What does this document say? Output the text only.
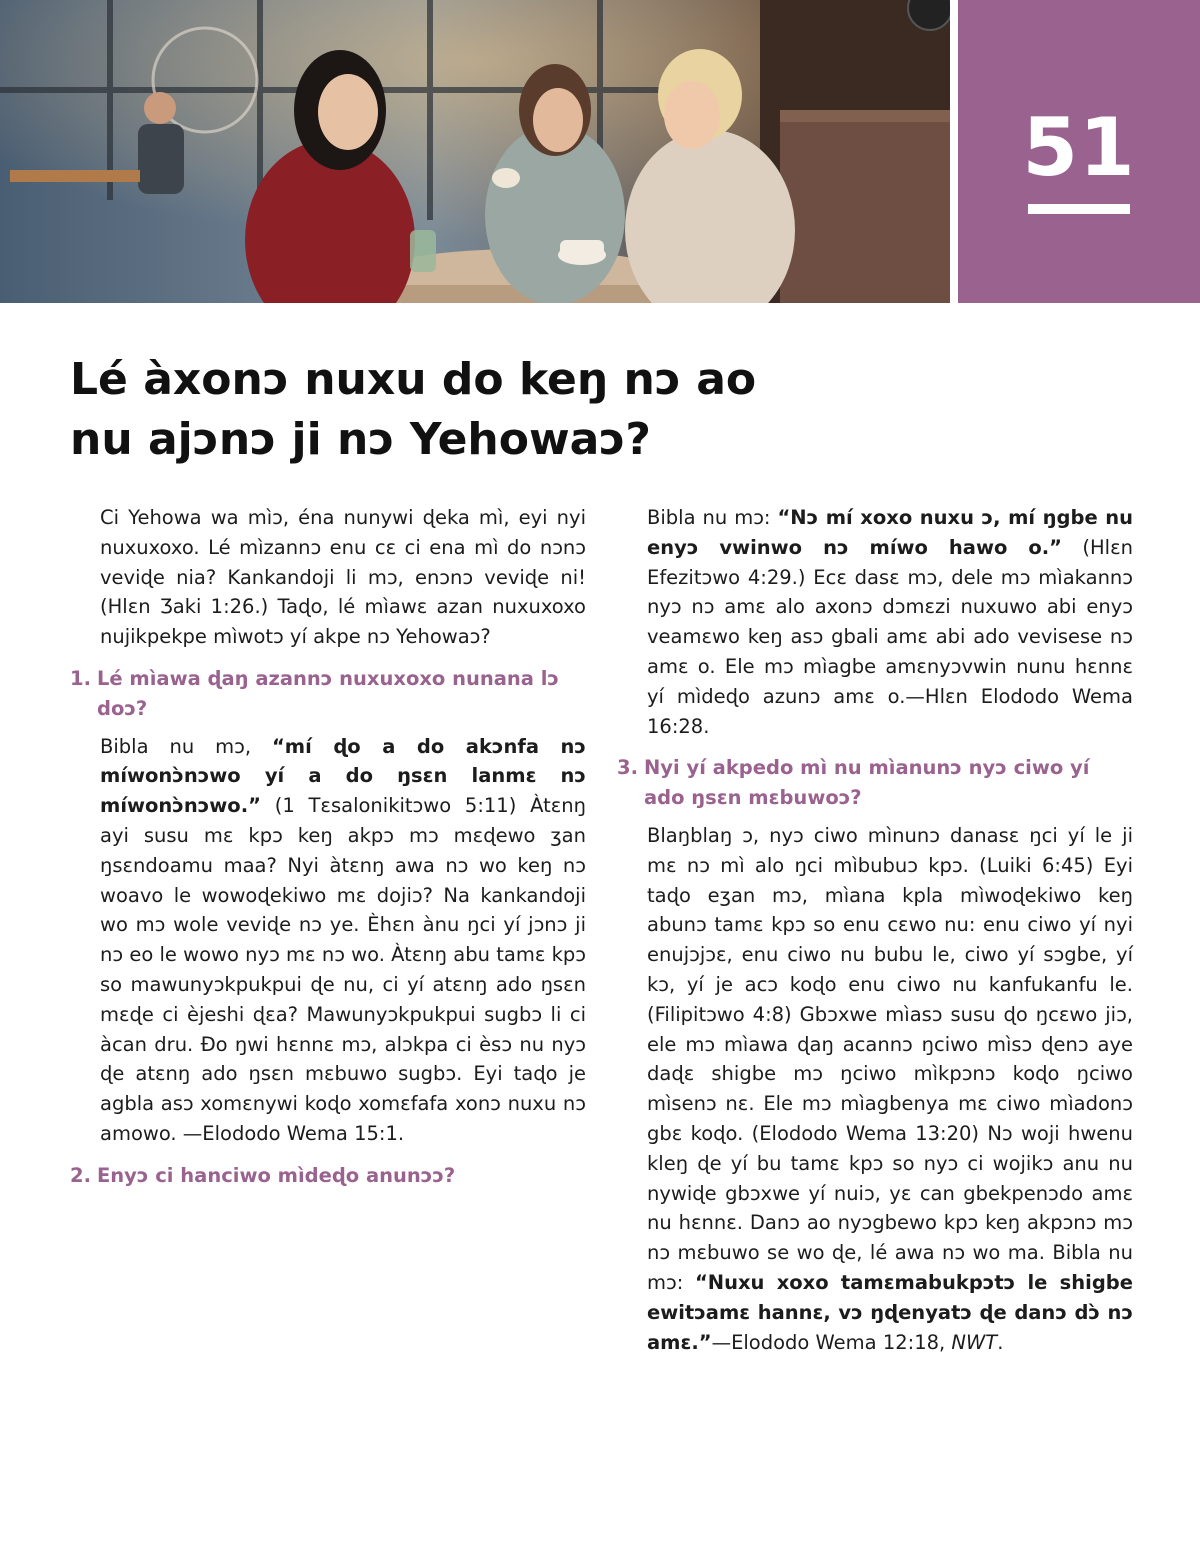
51
Lé àxonɔ nuxu do keŋ nɔ ao
nu ajɔnɔ ji nɔ Yehowaɔ?

Ci Yehowa wa mìɔ, éna nunywi ɖeka mì, eyi nyi nuxuxoxo. Lé mìzannɔ enu cɛ ci ena mì do nɔnɔ veviɖe nia? Kankandoji li mɔ, enɔnɔ veviɖe ni! (Hlɛn Ʒaki 1:26.) Taɖo, lé mìawɛ azan nuxuxoxo nujikpekpe mìwotɔ yí akpe nɔ Yehowaɔ?

1. Lé mìawa ɖaŋ azannɔ nuxuxoxo nunana lɔ doɔ?

Bibla nu mɔ, “mí ɖo a do akɔnfa nɔ míwonɔ̀nɔwo yí a do ŋsɛn lanmɛ nɔ míwonɔ̀nɔwo.” (1 Tɛsalonikitɔwo 5:11) Àtɛnŋ ayi susu mɛ kpɔ keŋ akpɔ mɔ mɛɖewo ʒan ŋsɛndoamu maa? Nyi àtɛnŋ awa nɔ wo keŋ nɔ woavo le wowoɖekiwo mɛ dojiɔ? Na kankandoji wo mɔ wole veviɖe nɔ ye. Èhɛn ànu ŋci yí jɔnɔ ji nɔ eo le wowo nyɔ mɛ nɔ wo. Àtɛnŋ abu tamɛ kpɔ so mawunyɔkpukpui ɖe nu, ci yí atɛnŋ ado ŋsɛn mɛɖe ci èjeshi ɖɛa? Mawunyɔkpukpui sugbɔ li ci àcan dru. Ɖo ŋwi hɛnnɛ mɔ, alɔkpa ci èsɔ nu nyɔ ɖe atɛnŋ ado ŋsɛn mɛbuwo sugbɔ. Eyi taɖo je agbla asɔ xomɛnywi koɖo xomɛfafa xonɔ nuxu nɔ amowo. —Elododo Wema 15:1.

2. Enyɔ ci hanciwo mìdeɖo anunɔɔ?

Bibla nu mɔ: “Nɔ mí xoxo nuxu ɔ, mí ŋgbe nu enyɔ vwinwo nɔ míwo hawo o.” (Hlɛn Efezitɔwo 4:29.) Ecɛ dasɛ mɔ, dele mɔ mìakannɔ nyɔ nɔ amɛ alo axonɔ dɔmɛzi nuxuwo abi enyɔ veamɛwo keŋ asɔ gbali amɛ abi ado vevisese nɔ amɛ o. Ele mɔ mìagbe amɛnyɔvwin nunu hɛnnɛ yí mìdeɖo azunɔ amɛ o.—Hlɛn Elododo Wema 16:28.

3. Nyi yí akpedo mì nu mìanunɔ nyɔ ciwo yí ado ŋsɛn mɛbuwoɔ?

Blaŋblaŋ ɔ, nyɔ ciwo mìnunɔ danasɛ ŋci yí le ji mɛ nɔ mì alo ŋci mìbubuɔ kpɔ. (Luiki 6:45) Eyi taɖo eʒan mɔ, mìana kpla mìwoɖekiwo keŋ abunɔ tamɛ kpɔ so enu cɛwo nu: enu ciwo yí nyi enujɔjɔɛ, enu ciwo nu bubu le, ciwo yí sɔgbe, yí kɔ, yí je acɔ koɖo enu ciwo nu kanfukanfu le. (Filipitɔwo 4:8) Gbɔxwe mìasɔ susu ɖo ŋcɛwo jiɔ, ele mɔ mìawa ɖaŋ acannɔ ŋciwo mìsɔ ɖenɔ aye daɖɛ shigbe mɔ ŋciwo mìkpɔnɔ koɖo ŋciwo mìsenɔ nɛ. Ele mɔ mìagbenya mɛ ciwo mìadonɔ gbɛ koɖo. (Elododo Wema 13:20) Nɔ woji hwenu kleŋ ɖe yí bu tamɛ kpɔ so nyɔ ci wojikɔ anu nu nywiɖe gbɔxwe yí nuiɔ, yɛ can gbekpenɔdo amɛ nu hɛnnɛ. Danɔ ao nyɔgbewo kpɔ keŋ akpɔnɔ mɔ nɔ mɛbuwo se wo ɖe, lé awa nɔ wo ma. Bibla nu mɔ: “Nuxu xoxo tamɛmabukpɔtɔ le shigbe ewitɔamɛ hannɛ, vɔ ŋɖenyatɔ ɖe danɔ dɔ̀ nɔ amɛ.”—Elododo Wema 12:18, NWT.
